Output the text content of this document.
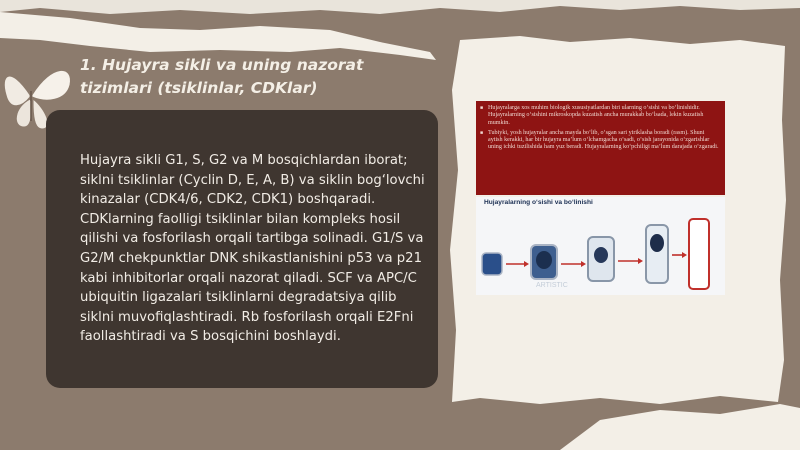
1. Hujayra sikli va uning nazorat tizimlari (tsiklinlar, CDKlar)
Hujayra sikli G1, S, G2 va M bosqichlardan iborat; siklni tsiklinlar (Cyclin D, E, A, B) va siklin bog‘lovchi kinazalar (CDK4/6, CDK2, CDK1) boshqaradi. CDKlarning faolligi tsiklinlar bilan kompleks hosil qilishi va fosforilash orqali tartibga solinadi. G1/S va G2/M chekpunktlar DNK shikastlanishini p53 va p21 kabi inhibitorlar orqali nazorat qiladi. SCF va APC/C ubiquitin ligazalari tsiklinlarni degradatsiya qilib siklni muvofiqlashtiradi. Rb fosforilash orqali E2Fni faollashtiradi va S bosqichini boshlaydi.

■ Hujayralarga xos muhim biologik xususiyatlardan biri ularning o‘sishi va bo‘linishidir. Hujayralarning o‘sishini mikroskopda kuzatish ancha murakkab bo‘lsada, lekin kuzatish mumkin.

■ Tubiyki, yosh hujayralar ancha mayda bo‘lib, o‘sgan sari yiriklasha boradi (rasm). Shuni aytish kerakki, har bir hujayra ma’lum o‘lchamgacha o‘sadi, o‘sish jarayonida o‘zgarishlar uning ichki tuzilishida ham yuz beradi. Hujayralarning ko‘pchiligi ma’lum darajada o‘zgaradi.

Hujayralarning o‘sishi va bo‘linishi
ARTISTIC
